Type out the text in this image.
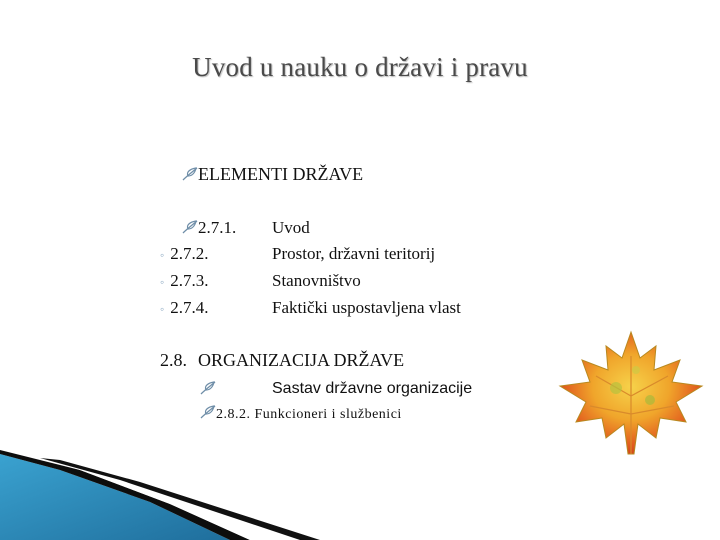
Uvod u nauku o državi i pravu
ELEMENTI DRŽAVE
2.7.1. Uvod
◦ 2.7.2.	Prostor, državni teritorij
◦ 2.7.3.	Stanovništvo
◦ 2.7.4.	Faktički uspostavljena vlast
2.8. ORGANIZACIJA DRŽAVE
Sastav državne organizacije
2.8.2. Funkcioneri i službenici
